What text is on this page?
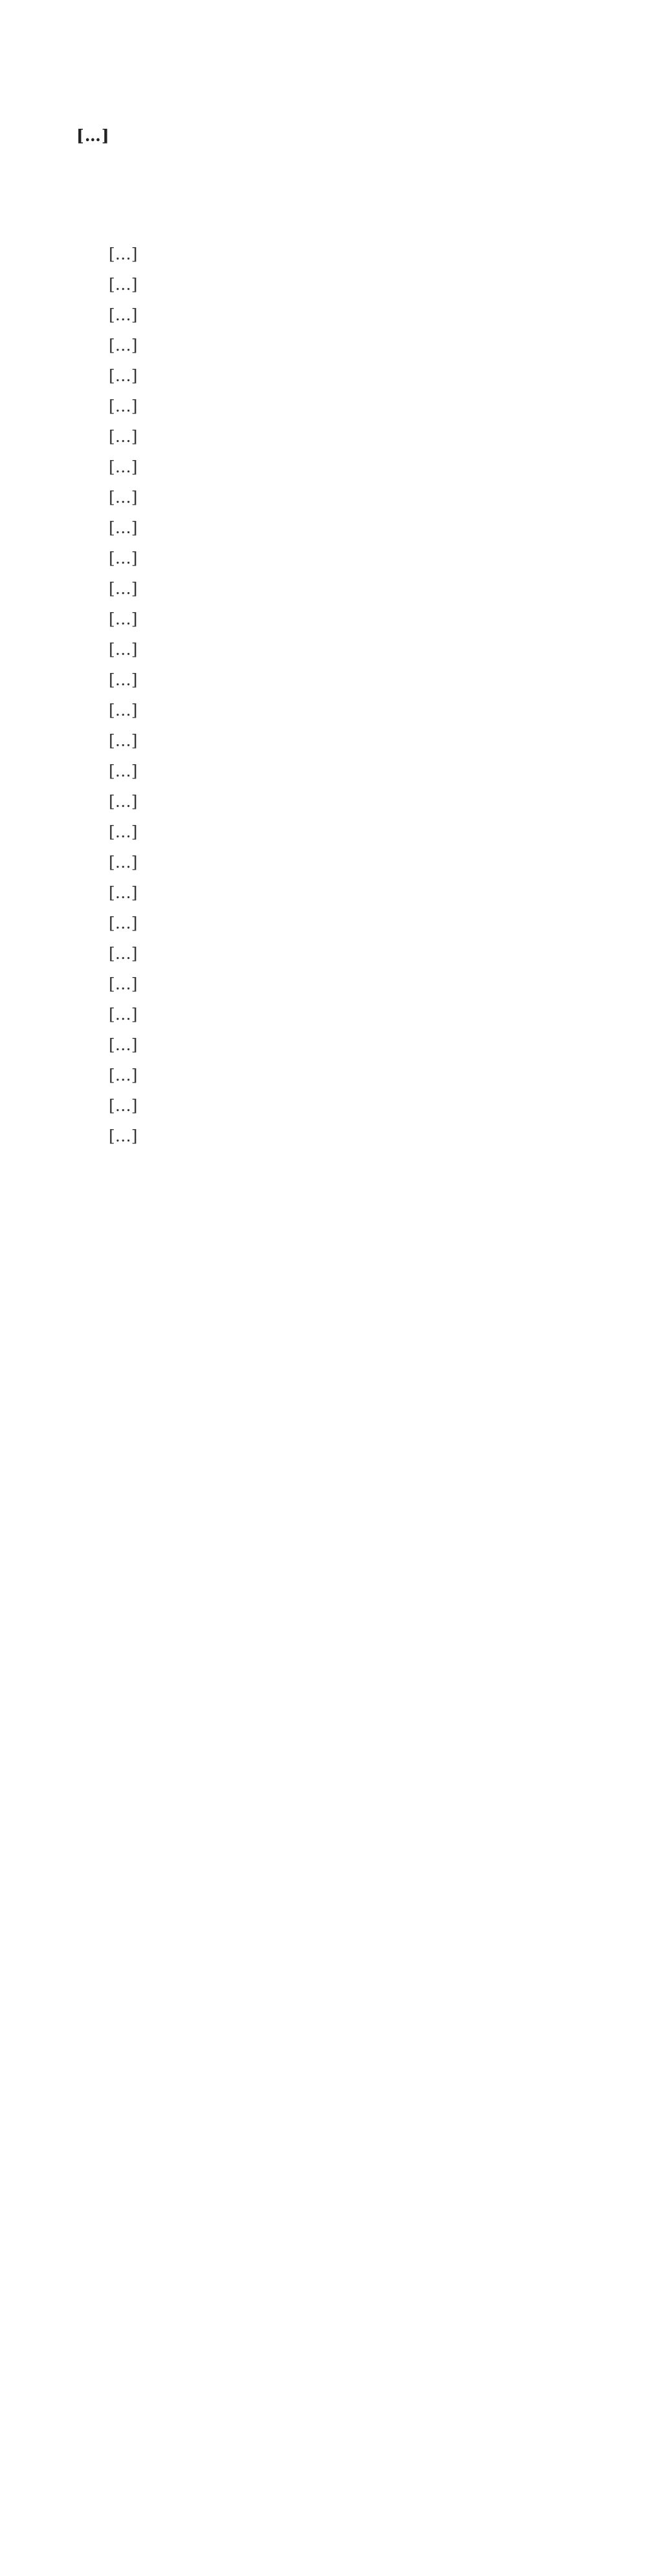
[…]

[…]

[…]

[…]

[…]

[…]

[…]

[…]

[…]

[…]

[…]

[…]

[…]

[…]

[…]

[…]

[…]

[…]

[…]

[…]

[…]

[…]

[…]

[…]

[…]

[…]

[…]

[…]

[…]

[…]

[…]
